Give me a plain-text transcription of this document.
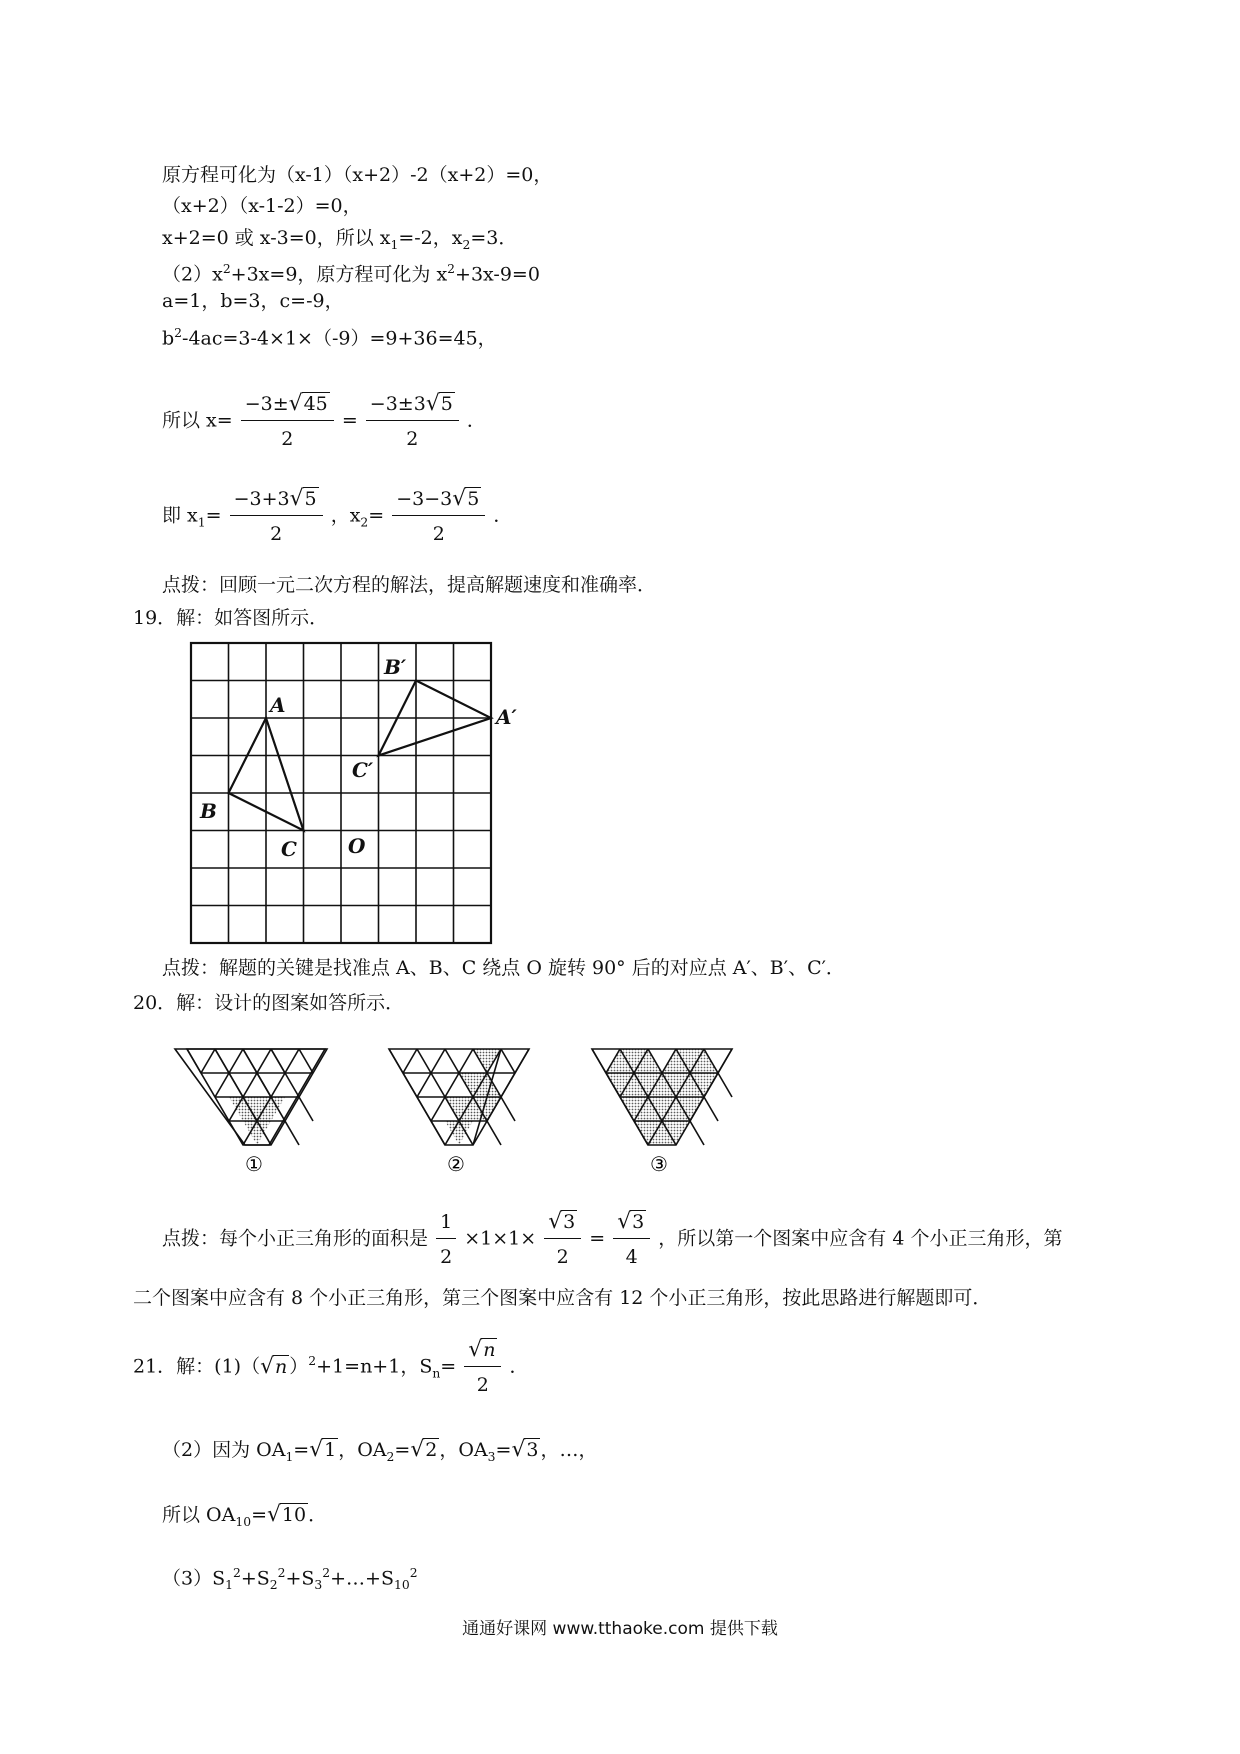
原方程可化为（x-1）（x+2）-2（x+2）=0，
（x+2）（x-1-2）=0，
x+2=0 或 x-3=0，所以 $x_1=-2$，$x_2=3$．
$(2)x^2+3x=9$，原方程可化为 $x^2+3x-9=0$
a=1，b=3，c=-9，
$b^2-4ac=3-4\times 1\times(-9)=9+36=45$，
所以 $x= \frac{-3\pm√45}{2} = \frac{-3\pm 3√5}{2}$ ．
即 $x_1= \frac{-3+3√5}{2}$ ，$x_2= \frac{-3-3√5}{2}$ ．
点拨：回顾一元二次方程的解法，提高解题速度和准确率．
19．解：如答图所示．
A
B
C	O
A′
B′
C′
点拨：解题的关键是找准点 A、B、C 绕点 O 旋转 90° 后的对应点 A′、B′、C′．
20．解：设计的图案如答所示．
①	②	③
点拨：每个小正三角形的面积是 $\frac{1}{2} \times 1\times 1\times \frac{√3}{2} = \frac{√3}{4}$ ，所以第一个图案中应含有 4 个小正三角形，第
二个图案中应含有 8 个小正三角形，第三个图案中应含有 12 个小正三角形，按此思路进行解题即可．
21．解：(1)（√n ）$^2$+1=n+1，$S_n= \frac{√n}{2}$ ．
（2）因为 $OA_1=√1$ ，$OA_2=√2$ ，$OA_3=√3$ ，…，
所以 $OA_{10}=√10$ ．
$(3)S_1^2+S_2^2+S_3^2+\dots+S_{10}^2$
通通好课网 www.tthaoke.com 提供下载
